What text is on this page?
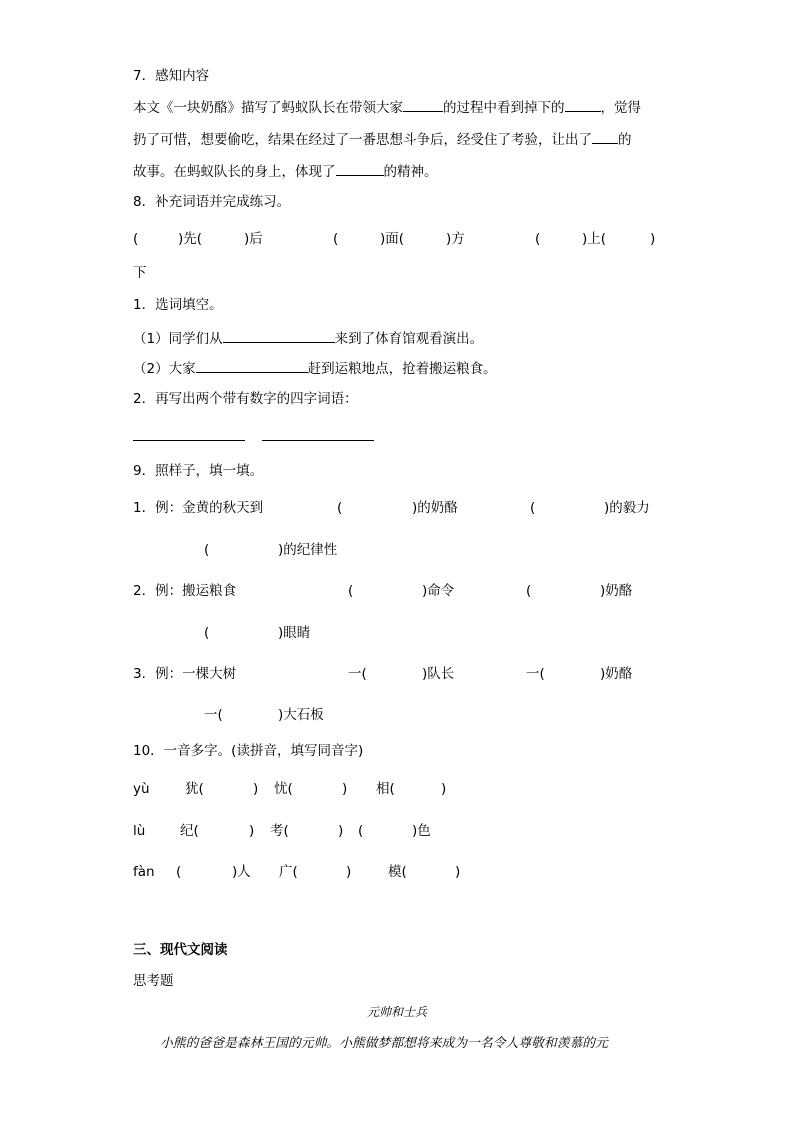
7．感知内容
本文《一块奶酪》描写了蚂蚁队长在带领大家	的过程中看到掉下的	，觉得
扔了可惜，想要偷吃，结果在经过了一番思想斗争后，经受住了考验，让出了 的
故事。在蚂蚁队长的身上，体现了	的精神。
8．补充词语并完成练习。
(	)先(	)后	(	)面(	)方	(	)上(	)
下
1．选词填空。
（1）同学们从	来到了体育馆观看演出。
（2）大家	赶到运粮地点，抢着搬运粮食。
2．再写出两个带有数字的四字词语：
9．照样子，填一填。
1．例：金黄的秋天到	(	)的奶酪	(	)的毅力
(	)的纪律性
2．例：搬运粮食	(	)命令	(	)奶酪
(	)眼睛
3．例：一棵大树	一(	)队长	一(	)奶酪
一(	)大石板
10．一音多字。(读拼音，填写同音字)
yù	犹(	) 忧(	) 相(	)
lù	纪(	) 考(	) (	)色
fàn (	)人 广(	)	模(	)
三、现代文阅读
思考题
元帅和士兵
小熊的爸爸是森林王国的元帅。小熊做梦都想将来成为一名令人尊敬和羡慕的元
